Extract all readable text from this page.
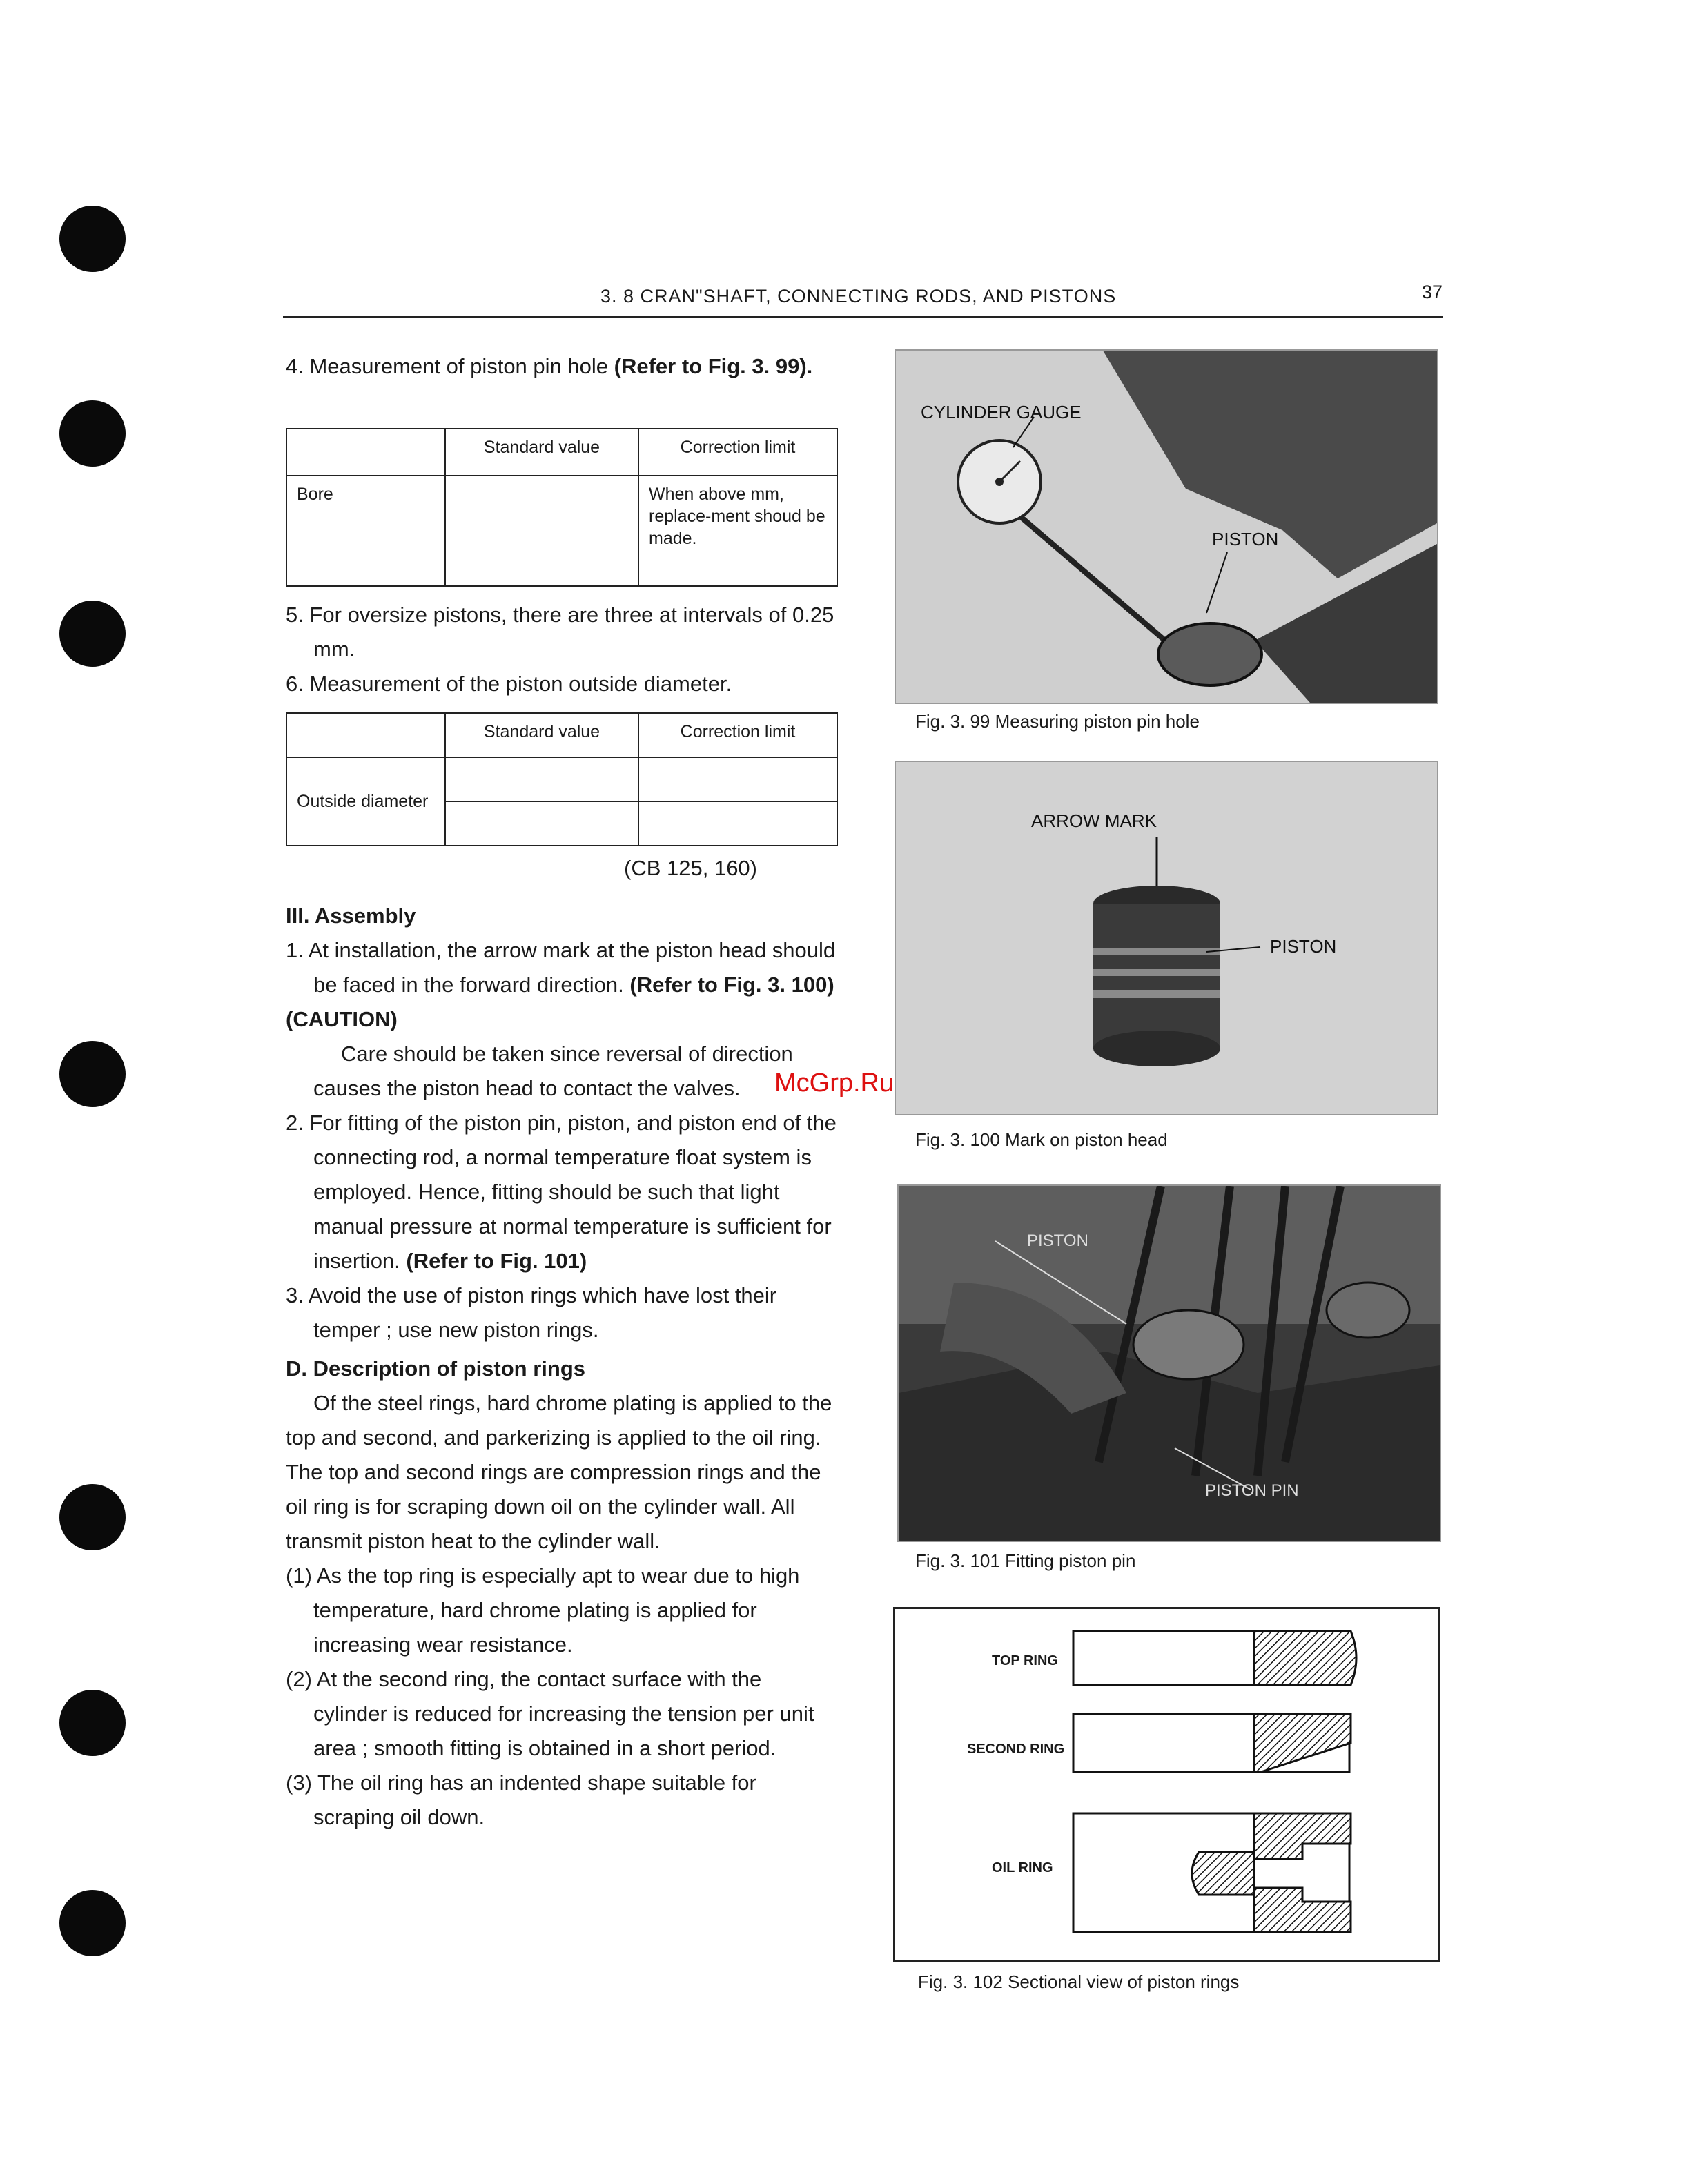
3. 8 CRAN"SHAFT, CONNECTING RODS, AND PISTONS	37

4. Measurement of piston pin hole (Refer to Fig. 3. 99).

	Standard value	Correction limit
Bore		When above mm, replace-ment shoud be made.

5. For oversize pistons, there are three at intervals of 0.25 mm.

6. Measurement of the piston outside diameter.

	Standard value	Correction limit
Outside diameter		

(CB 125, 160)

III. Assembly

1. At installation, the arrow mark at the piston head should be faced in the forward direction. (Refer to Fig. 3. 100)

(CAUTION)

Care should be taken since reversal of direction causes the piston head to contact the valves.

2. For fitting of the piston pin, piston, and piston end of the connecting rod, a normal temperature float system is employed. Hence, fitting should be such that light manual pressure at normal temperature is sufficient for insertion. (Refer to Fig. 101)

3. Avoid the use of piston rings which have lost their temper ; use new piston rings.

D. Description of piston rings

Of the steel rings, hard chrome plating is applied to the top and second, and parkerizing is applied to the oil ring. The top and second rings are compression rings and the oil ring is for scraping down oil on the cylinder wall. All transmit piston heat to the cylinder wall.

(1) As the top ring is especially apt to wear due to high temperature, hard chrome plating is applied for increasing wear resistance.

(2) At the second ring, the contact surface with the cylinder is reduced for increasing the tension per unit area ; smooth fitting is obtained in a short period.

(3) The oil ring has an indented shape suitable for scraping oil down.

McGrp.Ru
CYLINDER GAUGE
PISTON
Fig. 3. 99 Measuring piston pin hole
ARROW MARK
PISTON
Fig. 3. 100 Mark on piston head
PISTON
PISTON PIN
Fig. 3. 101 Fitting piston pin
TOP RING
SECOND RING
OIL RING
Fig. 3. 102 Sectional view of piston rings
